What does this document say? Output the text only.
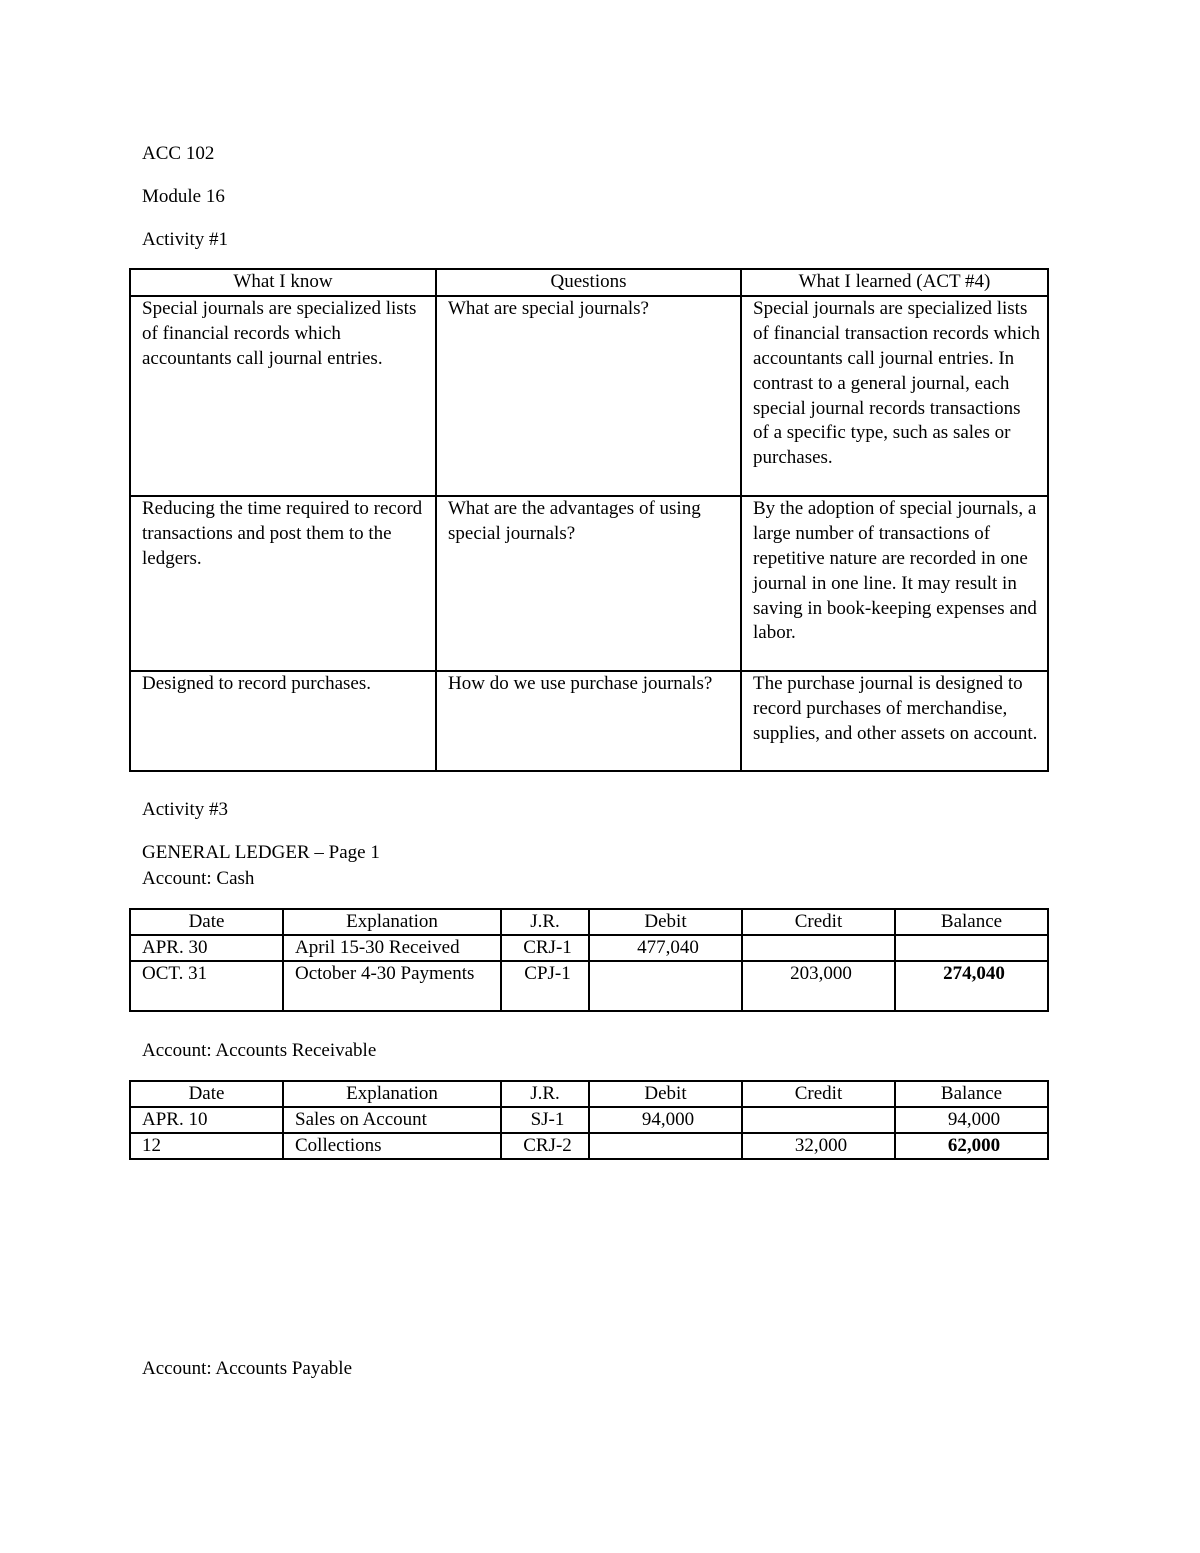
ACC 102
Module 16
Activity #1
What I know	Questions	What I learned (ACT #4)
Special journals are specialized lists of financial records which accountants call journal entries.	What are special journals?	Special journals are specialized lists of financial transaction records which accountants call journal entries. In contrast to a general journal, each special journal records transactions of a specific type, such as sales or purchases.
Reducing the time required to record transactions and post them to the ledgers.	What are the advantages of using special journals?	By the adoption of special journals, a large number of transactions of repetitive nature are recorded in one journal in one line. It may result in saving in book-keeping expenses and labor.
Designed to record purchases.	How do we use purchase journals?	The purchase journal is designed to record purchases of merchandise, supplies, and other assets on account.
Activity #3
GENERAL LEDGER – Page 1
Account: Cash
Date	Explanation	J.R.	Debit	Credit	Balance
APR. 30	April 15-30 Received	CRJ-1	477,040		
OCT. 31	October 4-30 Payments	CPJ-1		203,000	274,040
Account: Accounts Receivable
Date	Explanation	J.R.	Debit	Credit	Balance
APR. 10	Sales on Account	SJ-1	94,000		94,000
12	Collections	CRJ-2		32,000	62,000
Account: Accounts Payable
